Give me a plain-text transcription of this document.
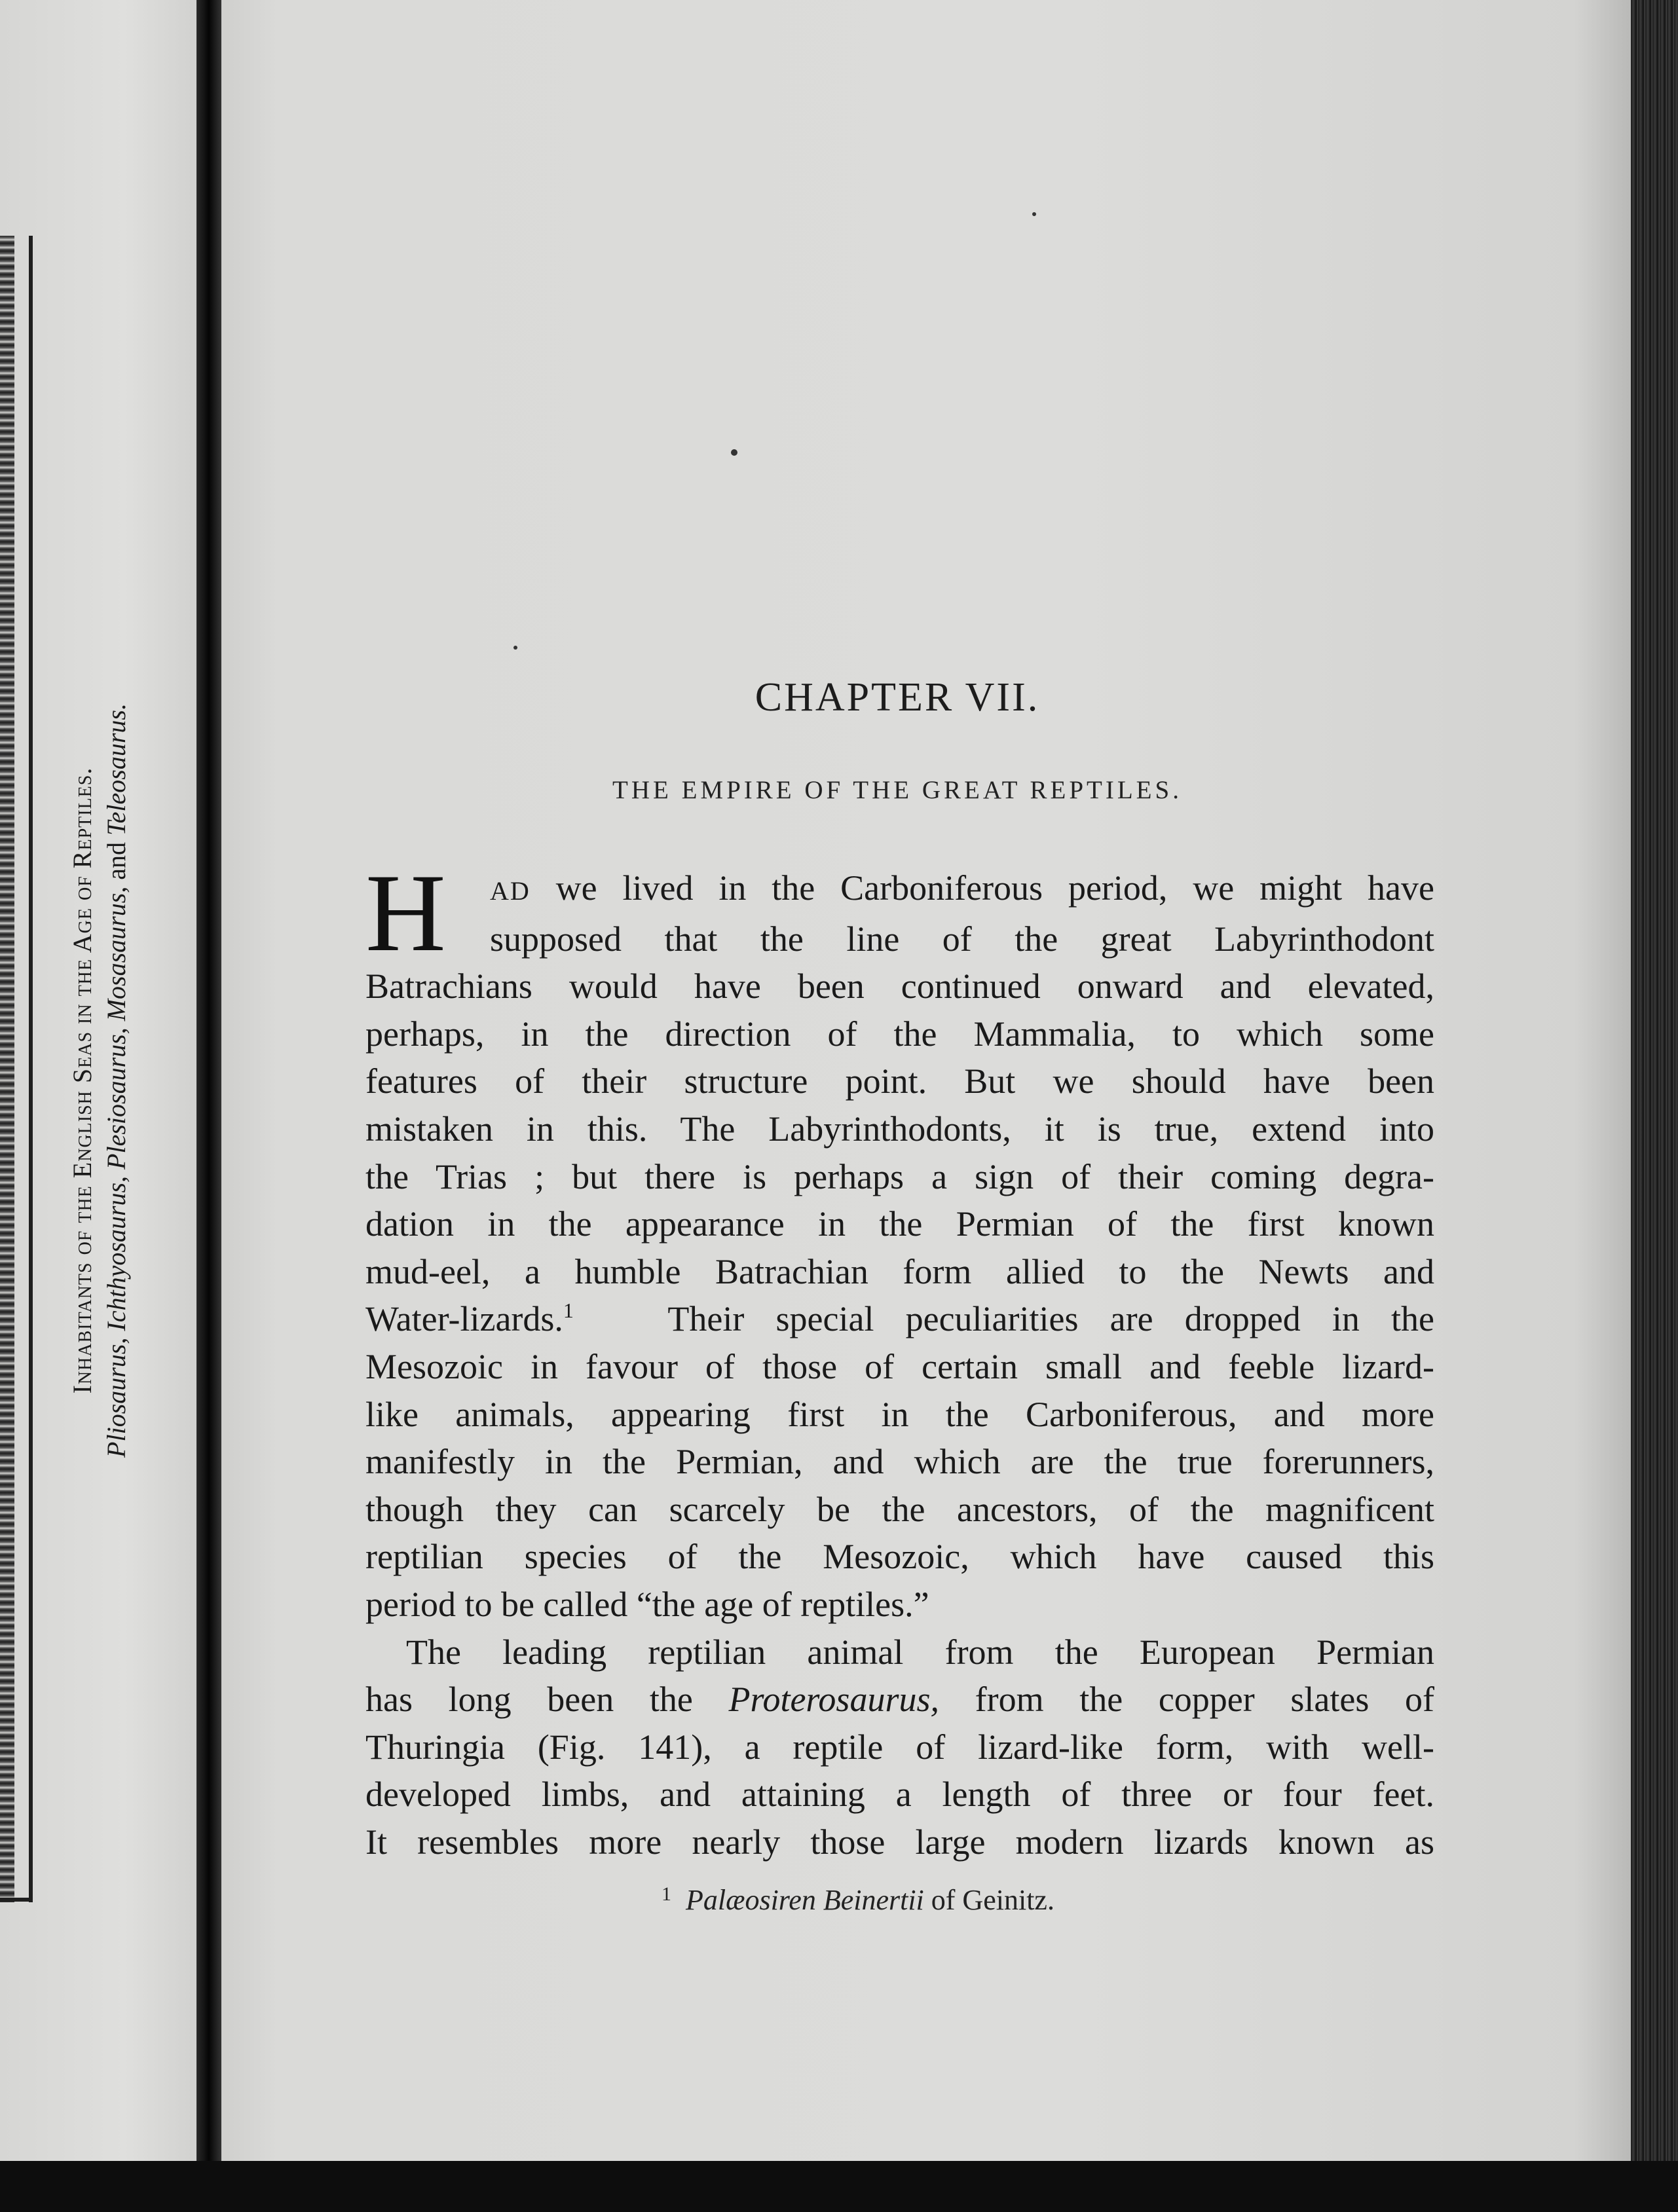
Inhabitants of the English Seas in the Age of Reptiles. Pliosaurus, Ichthyosaurus, Plesiosaurus, Mosasaurus, and Teleosaurus.
CHAPTER VII.
THE EMPIRE OF THE GREAT REPTILES.
H	AD we lived in the Carboniferous period, we might have
supposed that the line of the great Labyrinthodont
Batrachians would have been continued onward and elevated,
perhaps, in the direction of the Mammalia, to which some
features of their structure point. But we should have been
mistaken in this. The Labyrinthodonts, it is true, extend into
the Trias ; but there is perhaps a sign of their coming degra-
dation in the appearance in the Permian of the first known
mud-eel, a humble Batrachian form allied to the Newts and
Water-lizards.$^1$	Their special peculiarities are dropped in the
Mesozoic in favour of those of certain small and feeble lizard-
like animals, appearing first in the Carboniferous, and more
manifestly in the Permian, and which are the true forerunners,
though they can scarcely be the ancestors, of the magnificent
reptilian species of the Mesozoic, which have caused this
period to be called “the age of reptiles.”
The leading reptilian animal from the European Permian
has long been the Proterosaurus, from the copper slates of
Thuringia (Fig. 141), a reptile of lizard-like form, with well-
developed limbs, and attaining a length of three or four feet.
It resembles more nearly those large modern lizards known as
$^1$ Palæosiren Beinertii of Geinitz.
